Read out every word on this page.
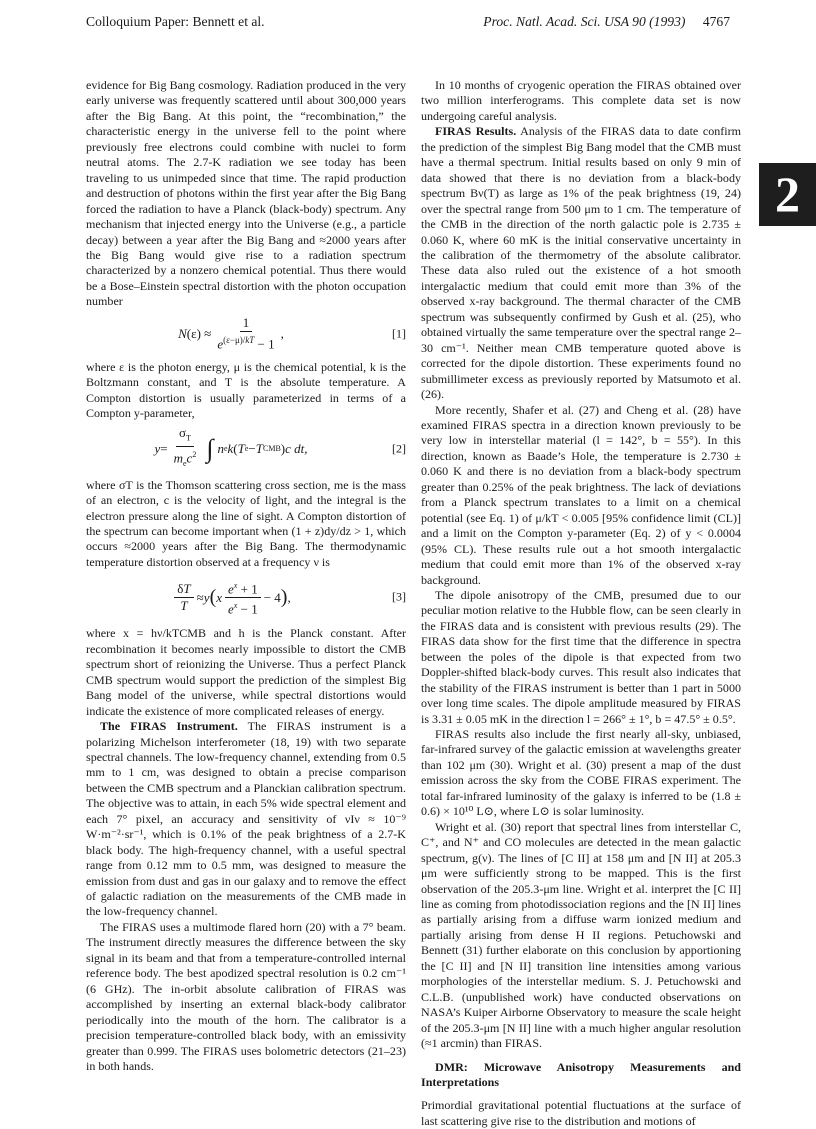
Colloquium Paper: Bennett et al.	Proc. Natl. Acad. Sci. USA 90 (1993) 4767
2

evidence for Big Bang cosmology. Radiation produced in the very early universe was frequently scattered until about 300,000 years after the Big Bang. At this point, the “recombination,” the characteristic energy in the universe fell to the point where previously free electrons could combine with nuclei to form neutral atoms. The 2.7-K radiation we see today has been traveling to us unimpeded since that time. The rapid production and destruction of photons within the first year after the Big Bang forced the radiation to have a Planck (black-body) spectrum. Any mechanism that injected energy into the Universe (e.g., a particle decay) between a year after the Big Bang and ≈2000 years after the Big Bang would give rise to a radiation spectrum characterized by a nonzero chemical potential. Thus there would be a Bose–Einstein spectral distortion with the photon occupation number

N $(\varepsilon) \approx \frac{1}{e^{(\varepsilon-\mu)/kT} - 1}$ ,	[1]

where ε is the photon energy, μ is the chemical potential, k is the Boltzmann constant, and T is the absolute temperature. A Compton distortion is usually parameterized in terms of a Compton y-parameter,

$y = \frac{\sigma_T}{m_ec^2}$ ∫ n e k ( T e − T CMB ) c dt ,	[2]

where σT is the Thomson scattering cross section, me is the mass of an electron, c is the velocity of light, and the integral is the electron pressure along the line of sight. A Compton distortion of the spectrum can become important when (1 + z)dy/dz > 1, which occurs ≈2000 years after the Big Bang. The thermodynamic temperature distortion observed at a frequency ν is

$\frac{\delta T}{T} \approx y$ ( x $\frac{e^x + 1}{e^x - 1} - 4$ ) ,	[3]

where x = hν/kTCMB and h is the Planck constant. After recombination it becomes nearly impossible to distort the CMB spectrum short of reionizing the Universe. Thus a perfect Planck CMB spectrum would support the prediction of the simplest Big Bang model of the universe, while spectral distortions would indicate the existence of more complicated releases of energy.

The FIRAS Instrument. The FIRAS instrument is a polarizing Michelson interferometer (18, 19) with two separate spectral channels. The low-frequency channel, extending from 0.5 mm to 1 cm, was designed to obtain a precise comparison between the CMB spectrum and a Planckian calibration spectrum. The objective was to attain, in each 5% wide spectral element and each 7° pixel, an accuracy and sensitivity of νIν ≈ 10⁻⁹ W·m⁻²·sr⁻¹, which is 0.1% of the peak brightness of a 2.7-K black body. The high-frequency channel, with a useful spectral range from 0.12 mm to 0.5 mm, was designed to measure the emission from dust and gas in our galaxy and to remove the effect of galactic radiation on the measurements of the CMB made in the low-frequency channel.

The FIRAS uses a multimode flared horn (20) with a 7° beam. The instrument directly measures the difference between the sky signal in its beam and that from a temperature-controlled internal reference body. The best apodized spectral resolution is 0.2 cm⁻¹ (6 GHz). The in-orbit absolute calibration of FIRAS was accomplished by inserting an external black-body calibrator periodically into the mouth of the horn. The calibrator is a precision temperature-controlled black body, with an emissivity greater than 0.999. The FIRAS uses bolometric detectors (21–23) in both hands.

In 10 months of cryogenic operation the FIRAS obtained over two million interferograms. This complete data set is now undergoing careful analysis.

FIRAS Results. Analysis of the FIRAS data to date confirm the prediction of the simplest Big Bang model that the CMB must have a thermal spectrum. Initial results based on only 9 min of data showed that there is no deviation from a black-body spectrum Bν(T) as large as 1% of the peak brightness (19, 24) over the spectral range from 500 μm to 1 cm. The temperature of the CMB in the direction of the north galactic pole is 2.735 ± 0.060 K, where 60 mK is the initial conservative uncertainty in the calibration of the thermometry of the absolute calibrator. These data also ruled out the existence of a hot smooth intergalactic medium that could emit more than 3% of the observed x-ray background. The thermal character of the CMB spectrum was subsequently confirmed by Gush et al. (25), who obtained virtually the same temperature over the spectral range 2–30 cm⁻¹. Neither mean CMB temperature quoted above is corrected for the dipole distortion. These experiments found no submillimeter excess as previously reported by Matsumoto et al. (26).

More recently, Shafer et al. (27) and Cheng et al. (28) have examined FIRAS spectra in a direction known previously to be very low in interstellar material (l = 142°, b = 55°). In this direction, known as Baade’s Hole, the temperature is 2.730 ± 0.060 K and there is no deviation from a black-body spectrum greater than 0.25% of the peak brightness. The lack of deviations from a Planck spectrum translates to a limit on a chemical potential (see Eq. 1) of μ/kT < 0.005 [95% confidence limit (CL)] and a limit on the Compton y-parameter (Eq. 2) of y < 0.0004 (95% CL). These results rule out a hot smooth intergalactic medium that could emit more than 1% of the observed x-ray background.

The dipole anisotropy of the CMB, presumed due to our peculiar motion relative to the Hubble flow, can be seen clearly in the FIRAS data and is consistent with previous results (29). The FIRAS data show for the first time that the difference in spectra between the poles of the dipole is that expected from two Doppler-shifted black-body curves. This result also indicates that the stability of the FIRAS instrument is better than 1 part in 5000 over long time scales. The dipole amplitude measured by FIRAS is 3.31 ± 0.05 mK in the direction l = 266° ± 1°, b = 47.5° ± 0.5°.

FIRAS results also include the first nearly all-sky, unbiased, far-infrared survey of the galactic emission at wavelengths greater than 102 μm (30). Wright et al. (30) present a map of the dust emission across the sky from the COBE FIRAS experiment. The total far-infrared luminosity of the galaxy is inferred to be (1.8 ± 0.6) × 10¹⁰ L⊙, where L⊙ is solar luminosity.

Wright et al. (30) report that spectral lines from interstellar C, C⁺, and N⁺ and CO molecules are detected in the mean galactic spectrum, g(ν). The lines of [C II] at 158 μm and [N II] at 205.3 μm were sufficiently strong to be mapped. This is the first observation of the 205.3-μm line. Wright et al. interpret the [C II] line as coming from photodissociation regions and the [N II] lines as partially arising from a diffuse warm ionized medium and partially arising from dense H II regions. Petuchowski and Bennett (31) further elaborate on this conclusion by apportioning the [C II] and [N II] transition line intensities among various morphologies of the interstellar medium. S. J. Petuchowski and C.L.B. (unpublished work) have conducted observations on NASA’s Kuiper Airborne Observatory to measure the scale height of the 205.3-μm [N II] line with a much higher angular resolution (≈1 arcmin) than FIRAS.

DMR: Microwave Anisotropy Measurements and Interpretations

Primordial gravitational potential fluctuations at the surface of last scattering give rise to the distribution and motions of
